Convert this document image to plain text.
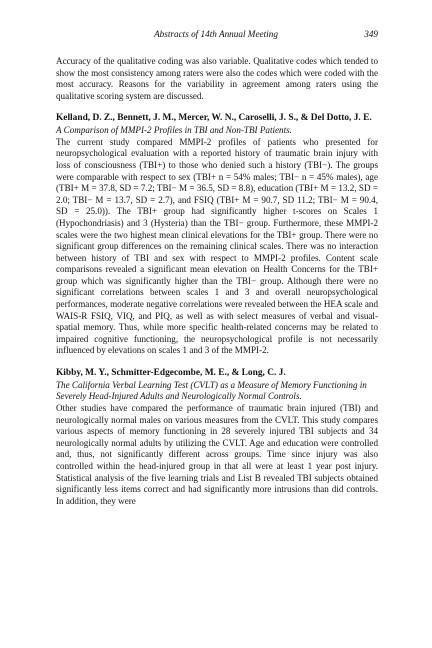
Abstracts of 14th Annual Meeting	349

Accuracy of the qualitative coding was also variable. Qualitative codes which tended to show the most consistency among raters were also the codes which were coded with the most accuracy. Reasons for the variability in agreement among raters using the qualitative scoring system are discussed.

Kelland, D. Z., Bennett, J. M., Mercer, W. N., Caroselli, J. S., & Del Dotto, J. E.

A Comparison of MMPI-2 Profiles in TBI and Non-TBI Patients.

The current study compared MMPI-2 profiles of patients who presented for neuropsychological evaluation with a reported history of traumatic brain injury with loss of consciousness (TBI+) to those who denied such a history (TBI−). The groups were comparable with respect to sex (TBI+ n = 54% males; TBI− n = 45% males), age (TBI+ M = 37.8, SD = 7.2; TBI− M = 36.5, SD = 8.8), education (TBI+ M = 13.2, SD = 2.0; TBI− M = 13.7, SD = 2.7), and FSIQ (TBI+ M = 90.7, SD 11.2; TBI− M = 90.4, SD = 25.0)). The TBI+ group had significantly higher t-scores on Scales 1 (Hypochondriasis) and 3 (Hysteria) than the TBI− group. Furthermore, these MMPI-2 scales were the two highest mean clinical elevations for the TBI+ group. There were no significant group differences on the remaining clinical scales. There was no interaction between history of TBI and sex with respect to MMPI-2 profiles. Content scale comparisons revealed a significant mean elevation on Health Concerns for the TBI+ group which was significantly higher than the TBI− group. Although there were no significant correlations between scales 1 and 3 and overall neuropsychological performances, moderate negative correlations were revealed between the HEA scale and WAIS-R FSIQ, VIQ, and PIQ, as well as with select measures of verbal and visual-spatial memory. Thus, while more specific health-related concerns may be related to impaired cognitive functioning, the neuropsychological profile is not necessarily influenced by elevations on scales 1 and 3 of the MMPI-2.

Kibby, M. Y., Schmitter-Edgecombe, M. E., & Long, C. J.

The California Verbal Learning Test (CVLT) as a Measure of Memory Functioning in Severely Head-Injured Adults and Neurologically Normal Controls.

Other studies have compared the performance of traumatic brain injured (TBI) and neurologically normal males on various measures from the CVLT. This study compares various aspects of memory functioning in 28 severely injured TBI subjects and 34 neurologically normal adults by utilizing the CVLT. Age and education were controlled and, thus, not significantly different across groups. Time since injury was also controlled within the head-injured group in that all were at least 1 year post injury. Statistical analysis of the five learning trials and List B revealed TBI subjects obtained significantly less items correct and had significantly more intrusions than did controls. In addition, they were
